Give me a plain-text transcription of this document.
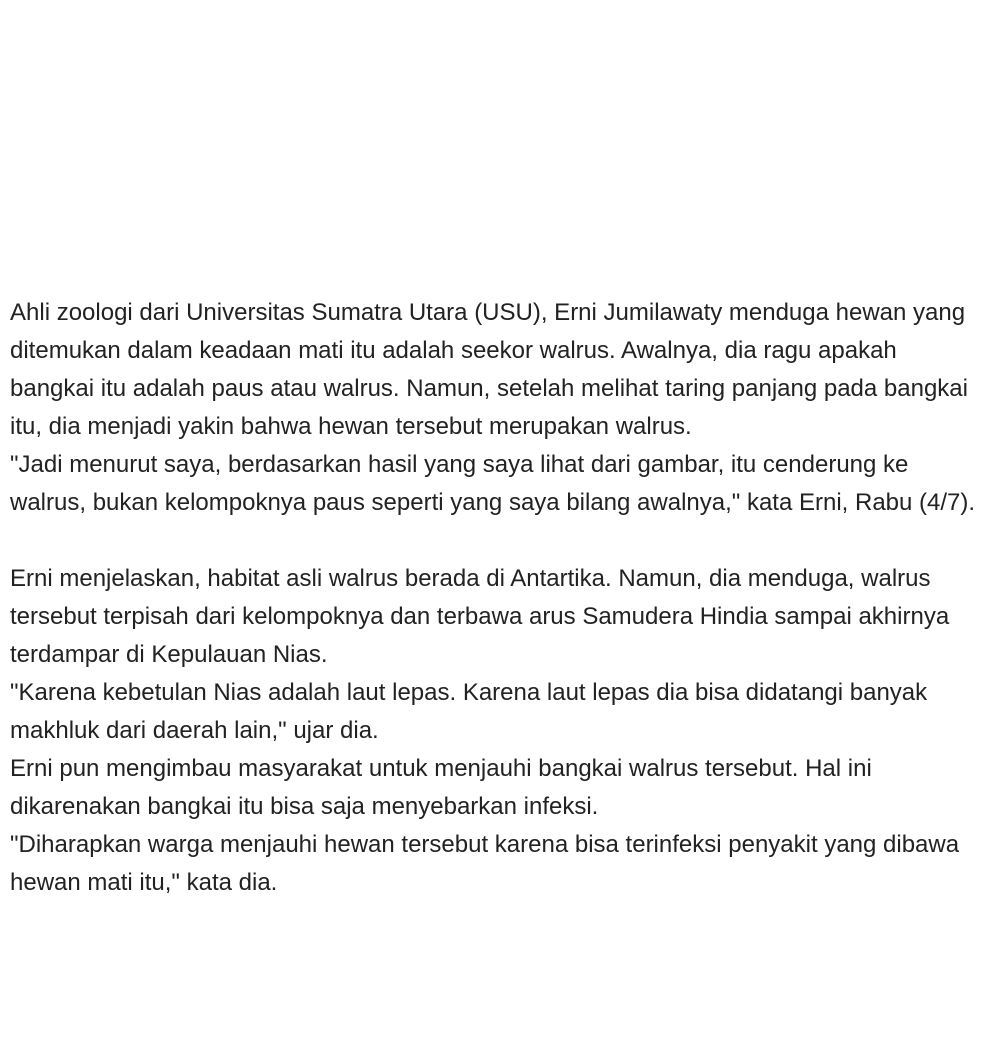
Ahli zoologi dari Universitas Sumatra Utara (USU), Erni Jumilawaty menduga hewan yang ditemukan dalam keadaan mati itu adalah seekor walrus. Awalnya, dia ragu apakah bangkai itu adalah paus atau walrus. Namun, setelah melihat taring panjang pada bangkai itu, dia menjadi yakin bahwa hewan tersebut merupakan walrus.

"Jadi menurut saya, berdasarkan hasil yang saya lihat dari gambar, itu cenderung ke walrus, bukan kelompoknya paus seperti yang saya bilang awalnya," kata Erni, Rabu (4/7).

Erni menjelaskan, habitat asli walrus berada di Antartika. Namun, dia menduga, walrus tersebut terpisah dari kelompoknya dan terbawa arus Samudera Hindia sampai akhirnya terdampar di Kepulauan Nias.

"Karena kebetulan Nias adalah laut lepas. Karena laut lepas dia bisa didatangi banyak makhluk dari daerah lain," ujar dia.

Erni pun mengimbau masyarakat untuk menjauhi bangkai walrus tersebut. Hal ini dikarenakan bangkai itu bisa saja menyebarkan infeksi.

"Diharapkan warga menjauhi hewan tersebut karena bisa terinfeksi penyakit yang dibawa hewan mati itu," kata dia.
